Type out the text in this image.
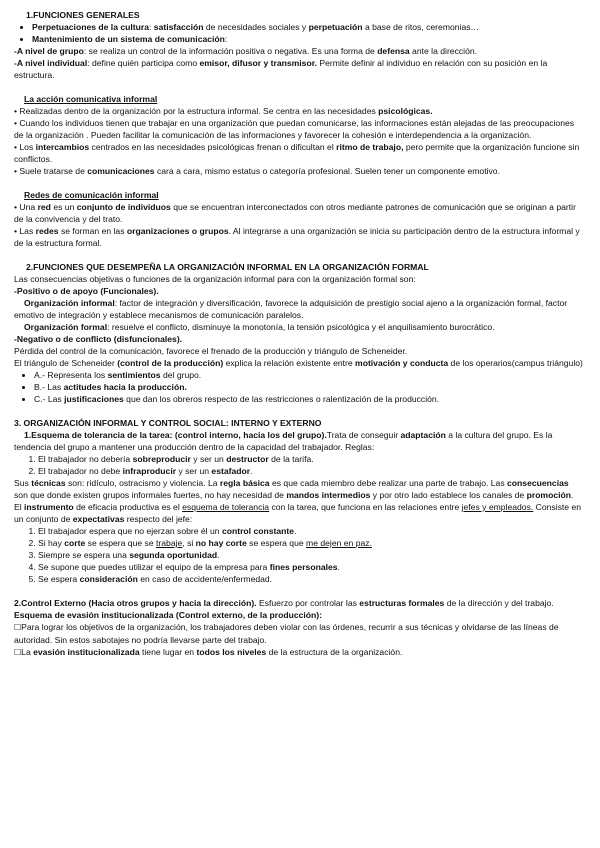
1.FUNCIONES GENERALES

• Perpetuaciones de la cultura: satisfacción de necesidades sociales y perpetuación a base de ritos, ceremonias…
• Mantenimiento de un sistema de comunicación:

-A nivel de grupo: se realiza un control de la información positiva o negativa. Es una forma de defensa ante la dirección.

-A nivel individual: define quién participa como emisor, difusor y transmisor. Permite definir al individuo en relación con su posición en la estructura.

La acción comunicativa informal

• Realizadas dentro de la organización por la estructura informal. Se centra en las necesidades psicológicas.

• Cuando los individuos tienen que trabajar en una organización que puedan comunicarse, las informaciones están alejadas de las preocupaciones de la organización . Pueden facilitar la comunicación de las informaciones y favorecer la cohesión e interdependencia a la organización.

• Los intercambios centrados en las necesidades psicológicas frenan o dificultan el ritmo de trabajo, pero permite que la organización funcione sin conflictos.

• Suele tratarse de comunicaciones cara a cara, mismo estatus o categoría profesional. Suelen tener un componente emotivo.

Redes de comunicación informal

• Una red es un conjunto de individuos que se encuentran interconectados con otros mediante patrones de comunicación que se originan a partir de la convivencia y del trato.

• Las redes se forman en las organizaciones o grupos. Al integrarse a una organización se inicia su participación dentro de la estructura informal y de la estructura formal.

2.FUNCIONES QUE DESEMPEÑA LA ORGANIZACIÓN INFORMAL EN LA ORGANIZACIÓN FORMAL

Las consecuencias objetivas o funciones de la organización informal para con la organización formal son:

-Positivo o de apoyo (Funcionales).

Organización informal: factor de integración y diversificación, favorece la adquisición de prestigio social ajeno a la organización formal, factor emotivo de integración y establece mecanismos de comunicación paralelos.

Organización formal: resuelve el conflicto, disminuye la monotonía, la tensión psicológica y el anquilisamiento burocrático.

-Negativo o de conflicto (disfuncionales).

Pérdida del control de la comunicación, favorece el frenado de la producción y triángulo de Scheneider.

El triángulo de Scheneider (control de la producción) explica la relación existente entre motivación y conducta de los operarios(campus triángulo)

• A.- Representa los sentimientos del grupo.
• B.- Las actitudes hacia la producción.
• C.- Las justificaciones que dan los obreros respecto de las restricciones o ralentización de la producción.

3. ORGANIZACIÓN INFORMAL Y CONTROL SOCIAL: INTERNO Y EXTERNO

1.Esquema de tolerancia de la tarea: (control interno, hacia los del grupo).Trata de conseguir adaptación a la cultura del grupo. Es la tendencia del grupo a mantener una producción dentro de la capacidad del trabajador. Reglas:

1. El trabajador no debería sobreproducir y ser un destructor de la tarifa.
2. El trabajador no debe infraproducir y ser un estafador.

Sus técnicas son: ridículo, ostracismo y violencia. La regla básica es que cada miembro debe realizar una parte de trabajo. Las consecuencias son que donde existen grupos informales fuertes, no hay necesidad de mandos intermedios y por otro lado establece los canales de promoción.

El instrumento de eficacia productiva es el esquema de tolerancia con la tarea, que funciona en las relaciones entre jefes y empleados. Consiste en un conjunto de expectativas respecto del jefe:

1. El trabajador espera que no ejerzan sobre él un control constante.
2. Si hay corte se espera que se trabaje, si no hay corte se espera que me dejen en paz.
3. Siempre se espera una segunda oportunidad.
4. Se supone que puedes utilizar el equipo de la empresa para fines personales.
5. Se espera consideración en caso de accidente/enfermedad.

2.Control Externo (Hacia otros grupos y hacia la dirección). Esfuerzo por controlar las estructuras formales de la dirección y del trabajo. Esquema de evasión institucionalizada (Control externo, de la producción):

☐Para lograr los objetivos de la organización, los trabajadores deben violar con las órdenes, recurrir a sus técnicas y olvidarse de las líneas de autoridad. Sin estos sabotajes no podría llevarse parte del trabajo.

☐La evasión institucionalizada tiene lugar en todos los niveles de la estructura de la organización.
